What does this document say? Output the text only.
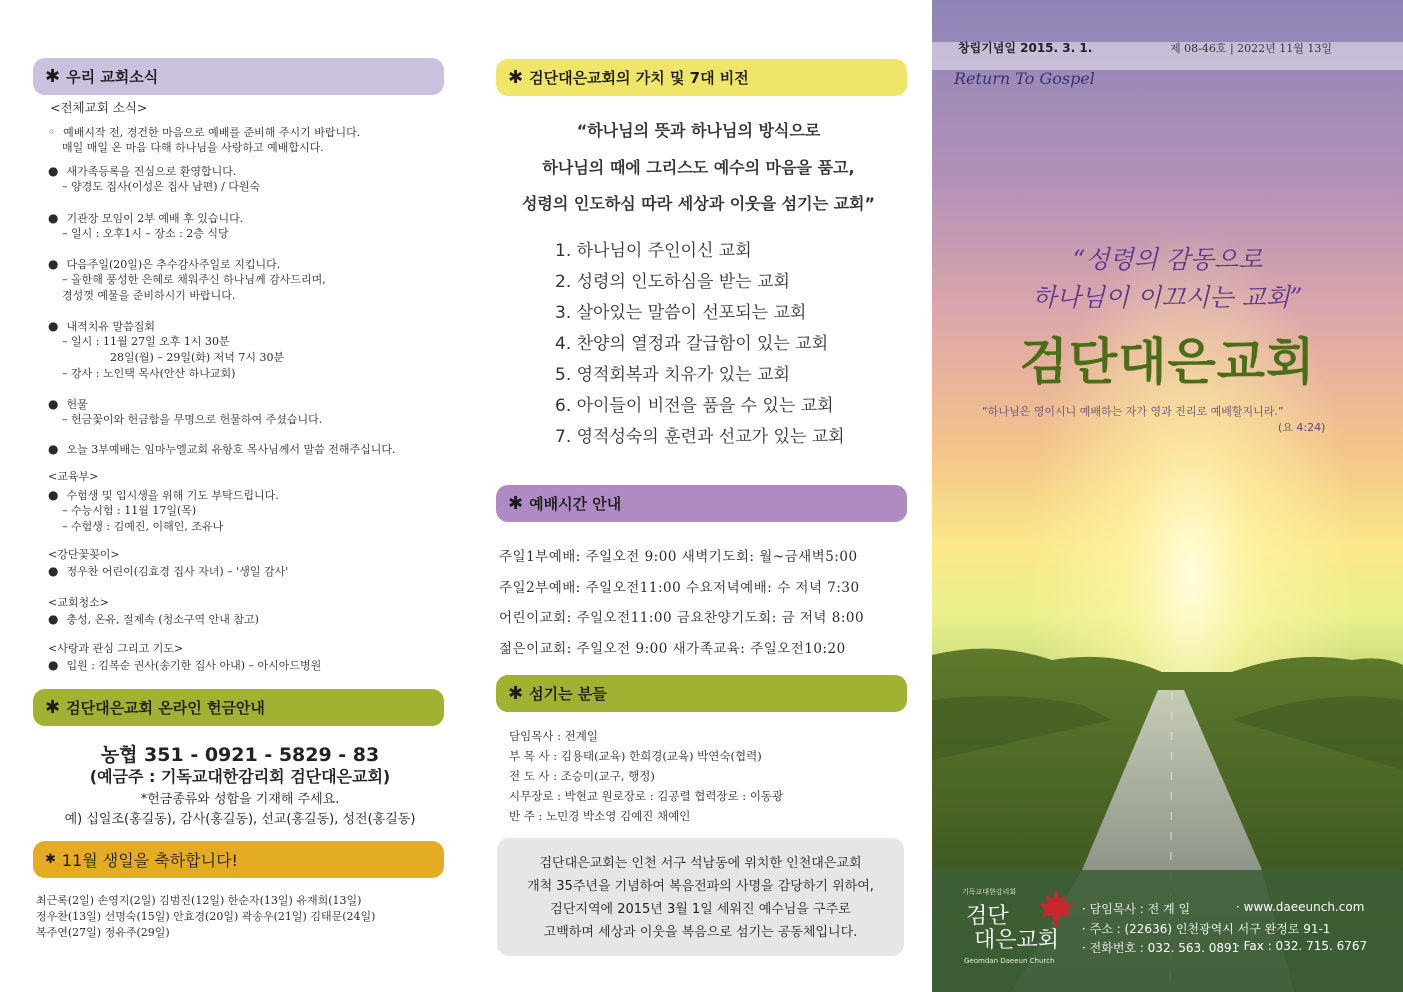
✱ 우리 교회소식
<전체교회 소식>
◦ 예배시작 전, 경건한 마음으로 예배를 준비해 주시기 바랍니다.
매일 매일 온 마음 다해 하나님을 사랑하고 예배합시다.
● 새가족등록을 진심으로 환영합니다.
– 양경도 집사(이성은 집사 남편) / 다원숙
● 기관장 모임이 2부 예배 후 있습니다.
– 일시 : 오후1시 – 장소 : 2층 식당
● 다음주일(20일)은 추수감사주일로 지킵니다.
– 올한해 풍성한 은혜로 채워주신 하나님께 감사드리며,
경성껏 예물을 준비하시기 바랍니다.
● 내적치유 말씀집회
– 일시 : 11월 27일 오후 1시 30분
28일(월) – 29일(화) 저녁 7시 30분
– 강사 : 노인택 목사(안산 하나교회)
● 헌물
– 헌금꽃이와 헌금함을 무명으로 헌물하여 주셨습니다.
● 오늘 3부예배는 임마누엘교회 유항호 목사님께서 말씀 전해주십니다.
<교육부>
● 수험생 및 입시생을 위해 기도 부탁드립니다.
– 수능시험 : 11월 17일(목)
– 수험생 : 김예진, 이해인, 조유나
<강단꽃꽂이>
● 정우찬 어린이(김효경 집사 자녀) – '생일 감사'
<교회청소>
● 충성, 온유, 절제속 (청소구역 안내 참고)
<사랑과 관심 그리고 기도>
● 입원 : 김복순 권사(송기한 집사 아내) – 아시아드병원
✱ 검단대은교회 온라인 헌금안내
농협 351 - 0921 - 5829 - 83
(예금주 : 기독교대한감리회 검단대은교회)
*헌금종류와 성함을 기재해 주세요.
예) 십일조(홍길동), 감사(홍길동), 선교(홍길동), 성전(홍길동)
✱ 11월 생일을 축하합니다!
최근록(2일) 손영지(2일) 김범진(12일) 한순자(13일) 유재희(13일)
정우찬(13일) 선명숙(15일) 안효경(20일) 곽송우(21일) 김태문(24일)
복주연(27일) 정유주(29일)
✱ 검단대은교회의 가치 및 7대 비전
“하나님의 뜻과 하나님의 방식으로
하나님의 때에 그리스도 예수의 마음을 품고,
성령의 인도하심 따라 세상과 이웃을 섬기는 교회”
1. 하나님이 주인이신 교회
2. 성령의 인도하심을 받는 교회
3. 살아있는 말씀이 선포되는 교회
4. 찬양의 열정과 갈급함이 있는 교회
5. 영적회복과 치유가 있는 교회
6. 아이들이 비전을 품을 수 있는 교회
7. 영적성숙의 훈련과 선교가 있는 교회
✱ 예배시간 안내
주일1부예배: 주일오전 9:00 새벽기도회: 월~금새벽5:00
주일2부예배: 주일오전11:00 수요저녁예배: 수 저녁 7:30
어린이교회: 주일오전11:00 금요찬양기도회: 금 저녁 8:00
젊은이교회: 주일오전 9:00 새가족교육: 주일오전10:20
✱ 섬기는 분들
담임목사 : 전계일
부 목 사 : 김용태(교육) 한희경(교육) 박연숙(협력)
전 도 사 : 조승미(교구, 행정)
시무장로 : 박현교 원로장로 : 김공렬 협력장로 : 이동광
반 주 : 노민경 박소영 김예진 채예인
검단대은교회는 인천 서구 석남동에 위치한 인천대은교회
개척 35주년을 기념하여 복음전파의 사명을 감당하기 위하여,
검단지역에 2015년 3월 1일 세워진 예수님을 구주로
고백하며 세상과 이웃을 복음으로 섬기는 공동체입니다.
창립기념일 2015. 3. 1.	제 08-46호 | 2022년 11월 13일
Return To Gospel
“성령의 감동으로
하나님이 이끄시는 교회”
검단대은교회
“하나님은 영이시니 예배하는 자가 영과 진리로 예배할지니라.”
(요 4:24)
기독교대한감리회
검단
대은교회
Geomdan Daeeun Church
· 담임목사 : 전 계 일	· www.daeeunch.com
· 주소 : (22636) 인천광역시 서구 완정로 91-1
· 전화번호 : 032. 563. 0891
· Fax : 032. 715. 6767
